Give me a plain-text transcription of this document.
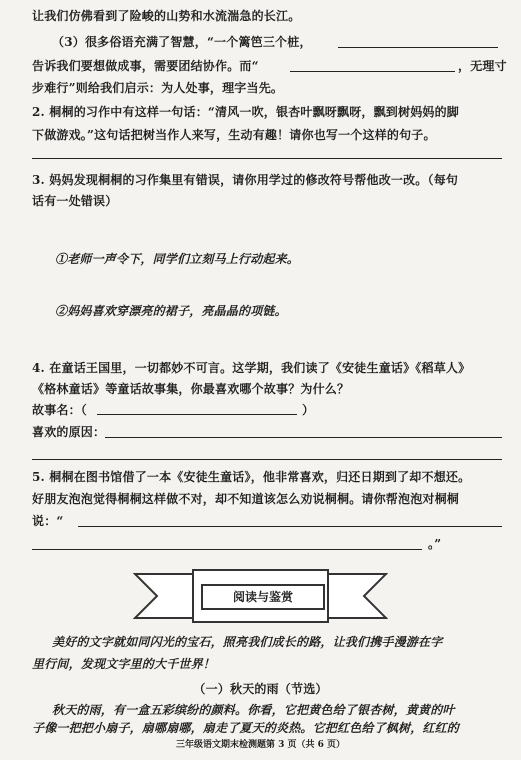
让我们仿佛看到了险峻的山势和水流湍急的长江。
（3）很多俗语充满了智慧，“一个篱笆三个桩，
告诉我们要想做成事，需要团结协作。而“	，无理寸
步难行”则给我们启示：为人处事，理字当先。
2. 桐桐的习作中有这样一句话：“清风一吹，银杏叶飘呀飘呀，飘到树妈妈的脚
下做游戏。”这句话把树当作人来写，生动有趣！请你也写一个这样的句子。
3. 妈妈发现桐桐的习作集里有错误，请你用学过的修改符号帮他改一改。（每句
话有一处错误）
①老师一声令下，同学们立刻马上行动起来。
②妈妈喜欢穿漂亮的裙子，亮晶晶的项链。
4. 在童话王国里，一切都妙不可言。这学期，我们读了《安徒生童话》《稻草人》
《格林童话》等童话故事集，你最喜欢哪个故事？为什么？
故事名：（	）
喜欢的原因：
5. 桐桐在图书馆借了一本《安徒生童话》，他非常喜欢，归还日期到了却不想还。
好朋友泡泡觉得桐桐这样做不对，却不知道该怎么劝说桐桐。请你帮泡泡对桐桐
说：“
。”
阅读与鉴赏
美好的文字就如同闪光的宝石，照亮我们成长的路，让我们携手漫游在字
里行间，发现文字里的大千世界！
（一）秋天的雨（节选）
秋天的雨，有一盒五彩缤纷的颜料。你看，它把黄色给了银杏树，黄黄的叶
子像一把把小扇子，扇哪扇哪，扇走了夏天的炎热。它把红色给了枫树，红红的
三年级语文期末检测题第 3 页（共 6 页）
